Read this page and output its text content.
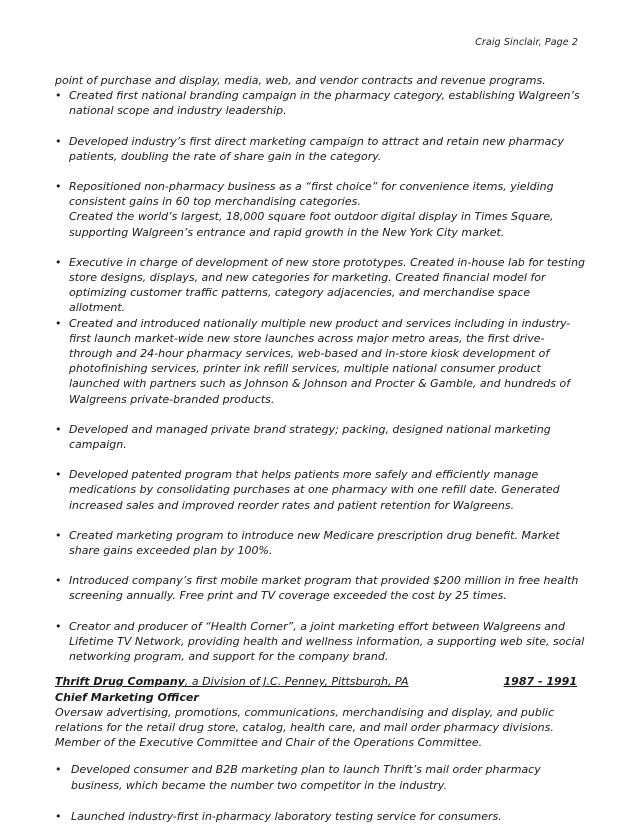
Craig Sinclair, Page 2

point of purchase and display, media, web, and vendor contracts and revenue programs.

• Created first national branding campaign in the pharmacy category, establishing Walgreen’s national scope and industry leadership.
• Developed industry’s first direct marketing campaign to attract and retain new pharmacy patients, doubling the rate of share gain in the category.
• Repositioned non-pharmacy business as a “first choice” for convenience items, yielding consistent gains in 60 top merchandising categories.
Created the world’s largest, 18,000 square foot outdoor digital display in Times Square, supporting Walgreen’s entrance and rapid growth in the New York City market.
• Executive in charge of development of new store prototypes. Created in-house lab for testing store designs, displays, and new categories for marketing. Created financial model for optimizing customer traffic patterns, category adjacencies, and merchandise space allotment.
• Created and introduced nationally multiple new product and services including in industry-first launch market-wide new store launches across major metro areas, the first drive-through and 24-hour pharmacy services, web-based and in-store kiosk development of photofinishing services, printer ink refill services, multiple national consumer product launched with partners such as Johnson & Johnson and Procter & Gamble, and hundreds of Walgreens private-branded products.
• Developed and managed private brand strategy; packing, designed national marketing campaign.
• Developed patented program that helps patients more safely and efficiently manage medications by consolidating purchases at one pharmacy with one refill date. Generated increased sales and improved reorder rates and patient retention for Walgreens.
• Created marketing program to introduce new Medicare prescription drug benefit. Market share gains exceeded plan by 100%.
• Introduced company’s first mobile market program that provided $200 million in free health screening annually. Free print and TV coverage exceeded the cost by 25 times.
• Creator and producer of “Health Corner”, a joint marketing effort between Walgreens and Lifetime TV Network, providing health and wellness information, a supporting web site, social networking program, and support for the company brand.
Thrift Drug Company, a Division of J.C. Penney, Pittsburgh, PA	1987 - 1991

Chief Marketing Officer

Oversaw advertising, promotions, communications, merchandising and display, and public relations for the retail drug store, catalog, health care, and mail order pharmacy divisions. Member of the Executive Committee and Chair of the Operations Committee.

• Developed consumer and B2B marketing plan to launch Thrift’s mail order pharmacy business, which became the number two competitor in the industry.
• Launched industry-first in-pharmacy laboratory testing service for consumers.
